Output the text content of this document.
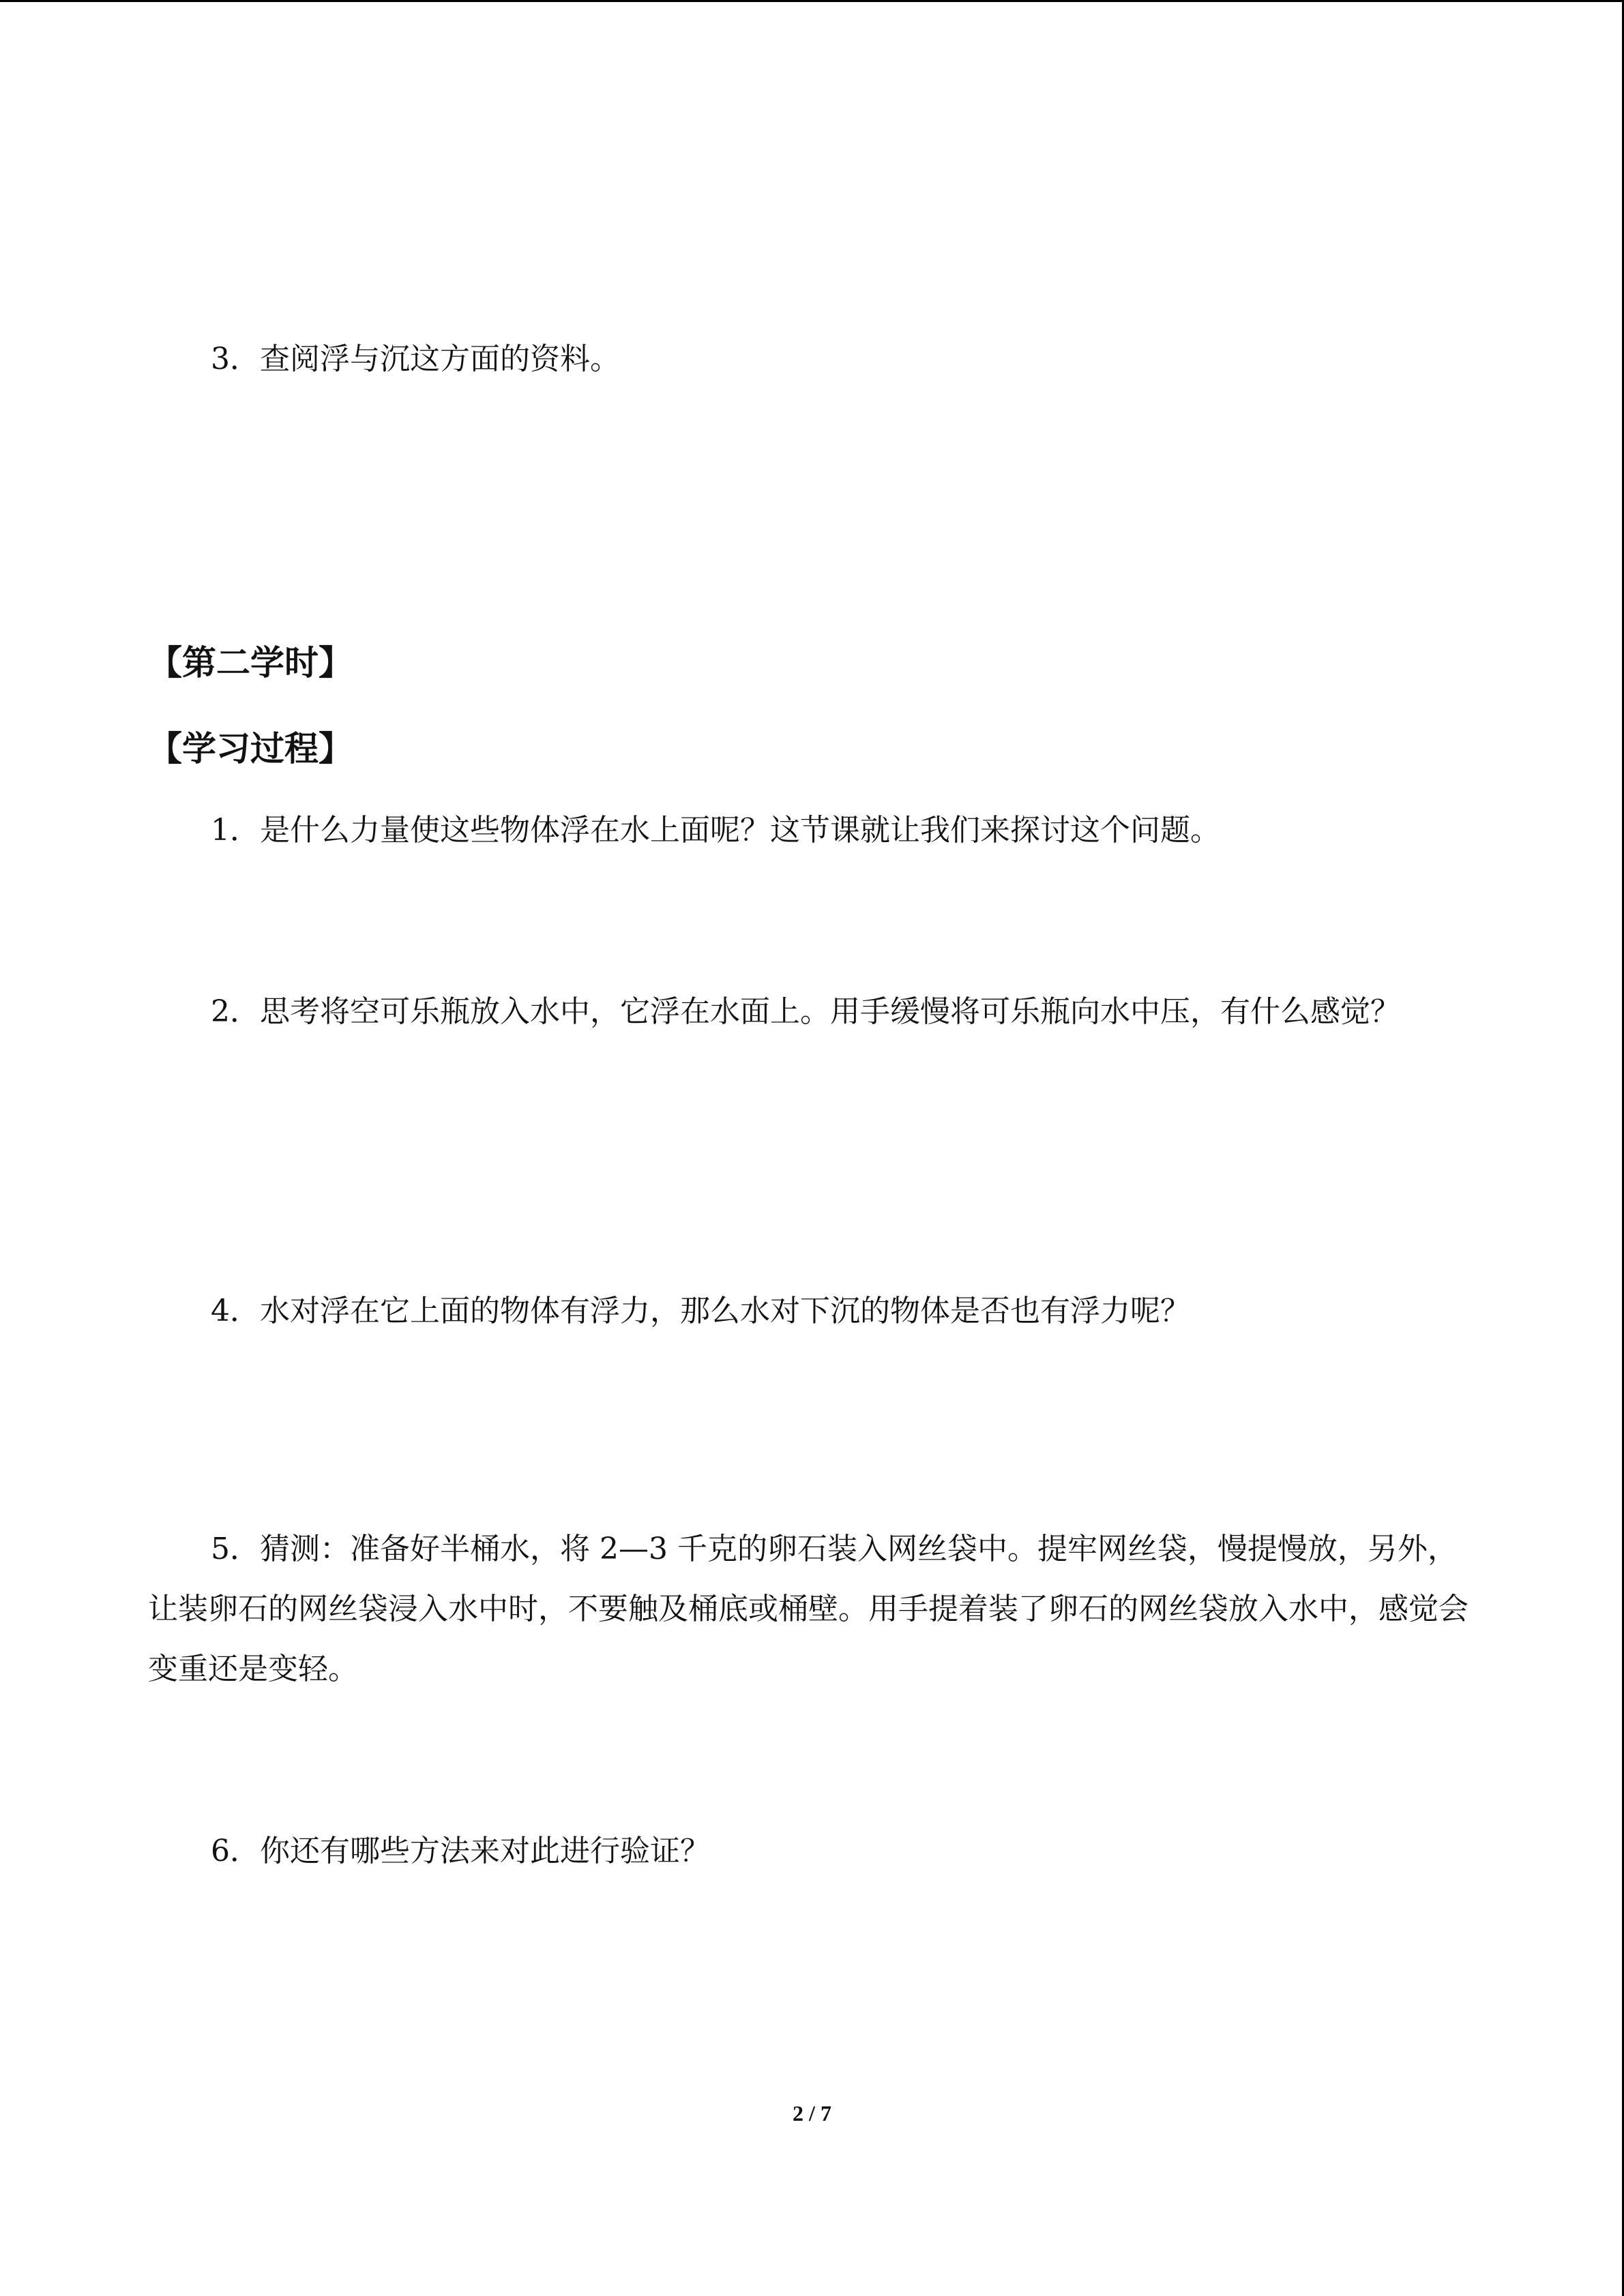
3．查阅浮与沉这方面的资料。
【第二学时】
【学习过程】
1．是什么力量使这些物体浮在水上面呢？这节课就让我们来探讨这个问题。
2．思考将空可乐瓶放入水中，它浮在水面上。用手缓慢将可乐瓶向水中压，有什么感觉？
4．水对浮在它上面的物体有浮力，那么水对下沉的物体是否也有浮力呢？
5．猜测：准备好半桶水，将 2—3 千克的卵石装入网丝袋中。提牢网丝袋，慢提慢放，另外，让装卵石的网丝袋浸入水中时，不要触及桶底或桶壁。用手提着装了卵石的网丝袋放入水中，感觉会变重还是变轻。
6．你还有哪些方法来对此进行验证？
2 / 7
